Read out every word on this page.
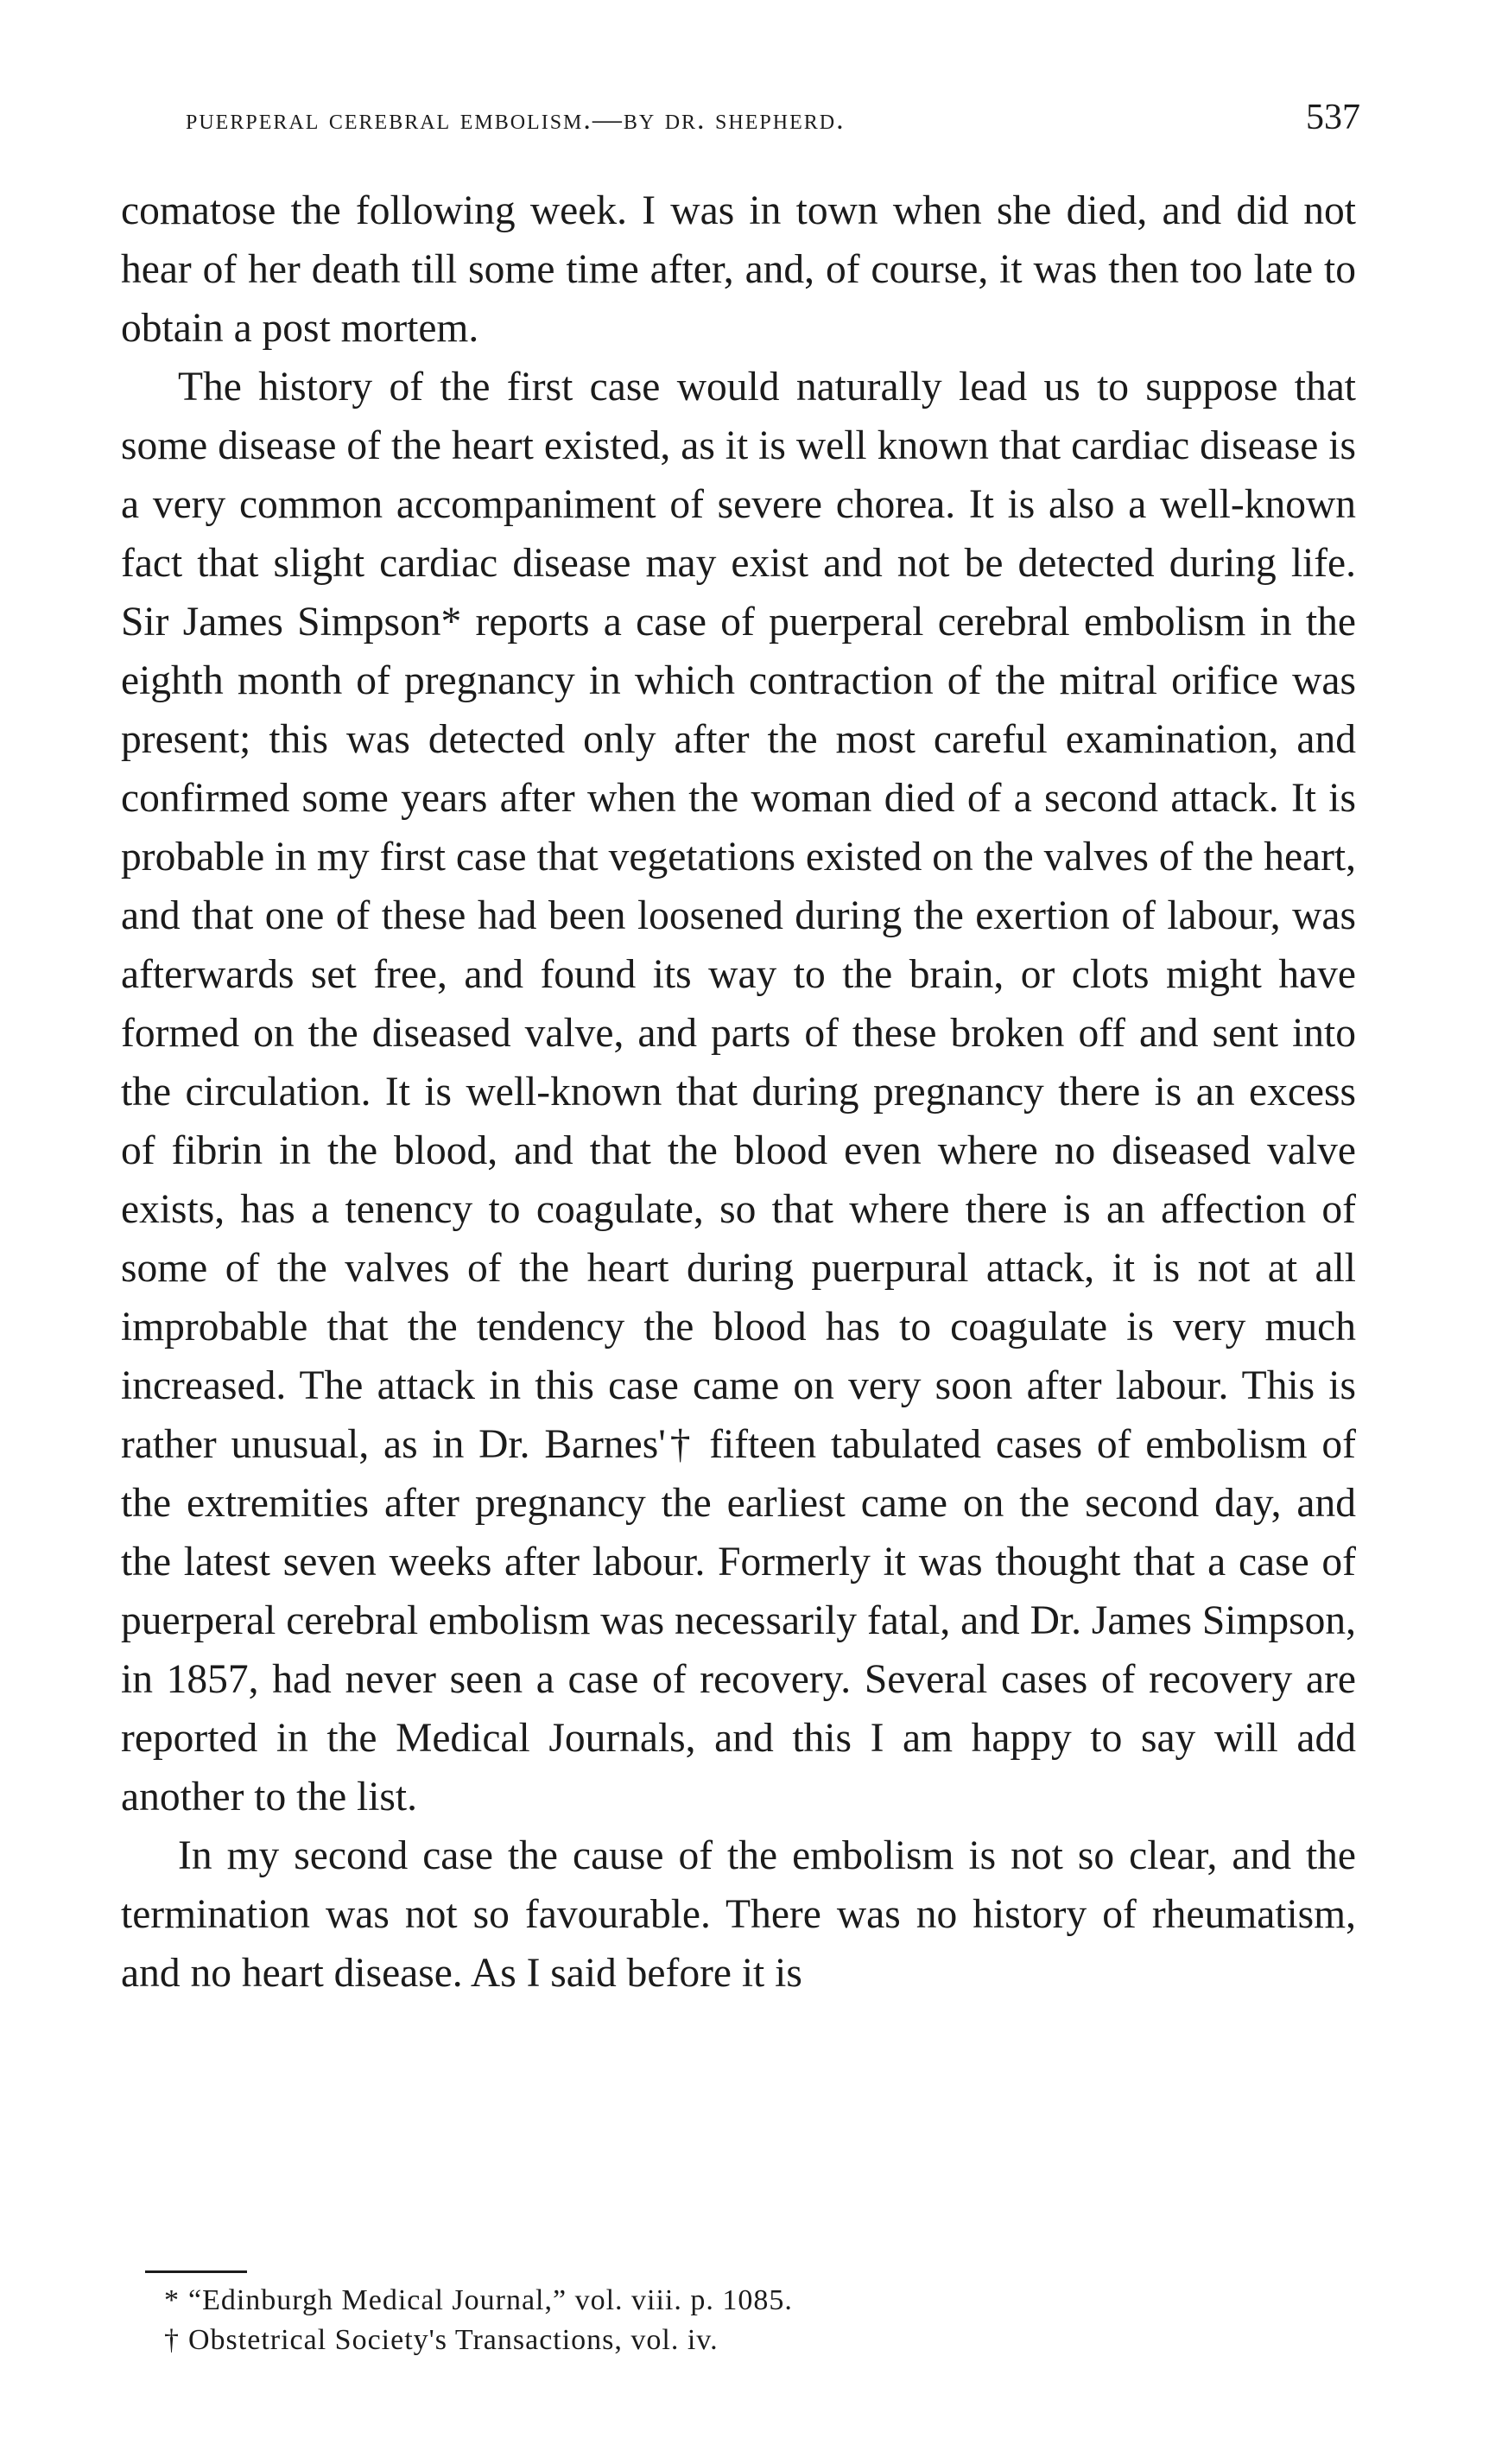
puerperal cerebral embolism.—by dr. shepherd.	537

comatose the following week. I was in town when she died, and did not hear of her death till some time after, and, of course, it was then too late to obtain a post mortem.

The history of the first case would naturally lead us to suppose that some disease of the heart existed, as it is well known that cardiac disease is a very common accompaniment of severe chorea. It is also a well-known fact that slight cardiac disease may exist and not be detected during life. Sir James Simpson* reports a case of puerperal cerebral embolism in the eighth month of pregnancy in which contraction of the mitral orifice was present; this was detected only after the most careful examination, and confirmed some years after when the woman died of a second attack. It is probable in my first case that vegetations existed on the valves of the heart, and that one of these had been loosened during the exertion of labour, was afterwards set free, and found its way to the brain, or clots might have formed on the diseased valve, and parts of these broken off and sent into the circulation. It is well-known that during pregnancy there is an excess of fibrin in the blood, and that the blood even where no diseased valve exists, has a tenency to coagulate, so that where there is an affection of some of the valves of the heart during puerpural attack, it is not at all improbable that the tendency the blood has to coagulate is very much increased. The attack in this case came on very soon after labour. This is rather unusual, as in Dr. Barnes'† fifteen tabulated cases of embolism of the extremities after pregnancy the earliest came on the second day, and the latest seven weeks after labour. Formerly it was thought that a case of puerperal cerebral embolism was necessarily fatal, and Dr. James Simpson, in 1857, had never seen a case of recovery. Several cases of recovery are reported in the Medical Journals, and this I am happy to say will add another to the list.

In my second case the cause of the embolism is not so clear, and the termination was not so favourable. There was no history of rheumatism, and no heart disease. As I said before it is

* “Edinburgh Medical Journal,” vol. viii. p. 1085.
† Obstetrical Society's Transactions, vol. iv.
